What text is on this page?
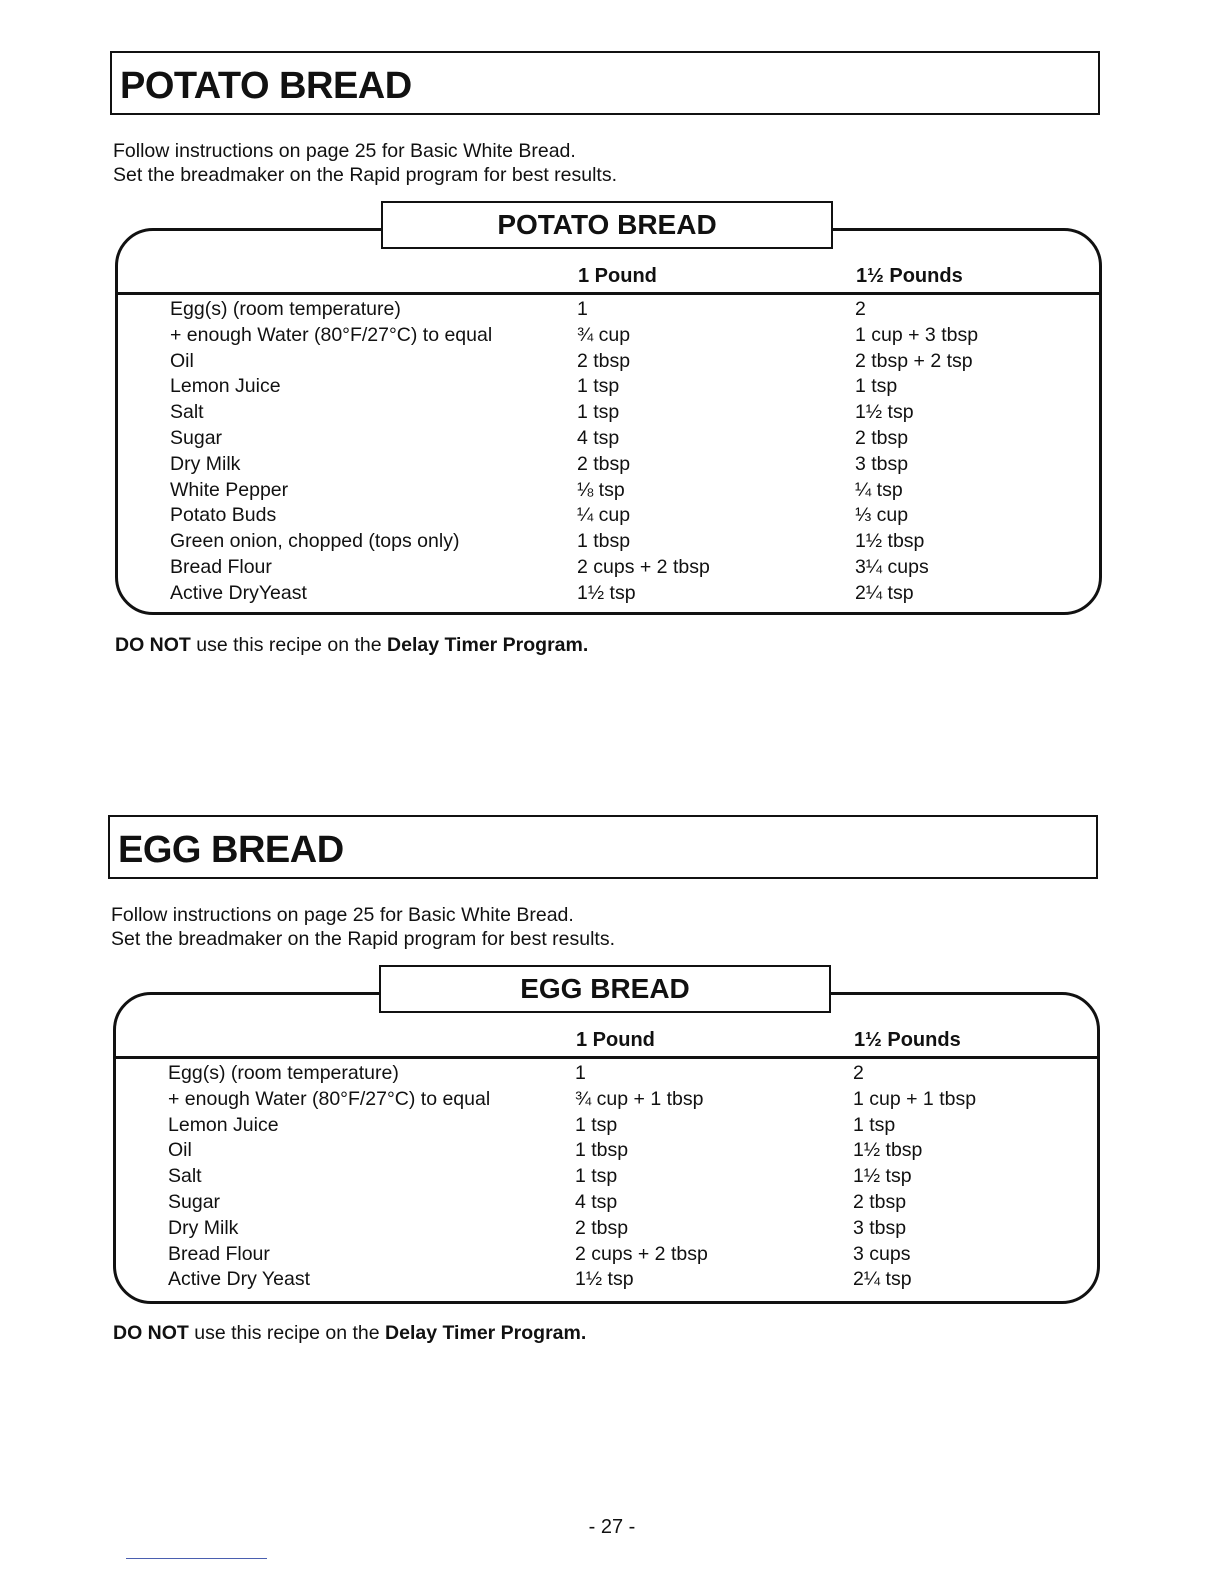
POTATO BREAD
Follow instructions on page 25 for Basic White Bread.
Set the breadmaker on the Rapid program for best results.
POTATO BREAD
1 Pound	1½ Pounds
Egg(s) (room temperature)	1	2
+ enough Water (80°F/27°C) to equal	¾ cup	1 cup + 3 tbsp
Oil	2 tbsp	2 tbsp + 2 tsp
Lemon Juice	1 tsp	1 tsp
Salt	1 tsp	1½ tsp
Sugar	4 tsp	2 tbsp
Dry Milk	2 tbsp	3 tbsp
White Pepper	⅛ tsp	¼ tsp
Potato Buds	¼ cup	⅓ cup
Green onion, chopped (tops only)	1 tbsp	1½ tbsp
Bread Flour	2 cups + 2 tbsp	3¼ cups
Active DryYeast	1½ tsp	2¼ tsp
DO NOT use this recipe on the Delay Timer Program.
EGG BREAD
Follow instructions on page 25 for Basic White Bread.
Set the breadmaker on the Rapid program for best results.
EGG BREAD
1 Pound	1½ Pounds
Egg(s) (room temperature)	1	2
+ enough Water (80°F/27°C) to equal	¾ cup + 1 tbsp	1 cup + 1 tbsp
Lemon Juice	1 tsp	1 tsp
Oil	1 tbsp	1½ tbsp
Salt	1 tsp	1½ tsp
Sugar	4 tsp	2 tbsp
Dry Milk	2 tbsp	3 tbsp
Bread Flour	2 cups + 2 tbsp	3 cups
Active Dry Yeast	1½ tsp	2¼ tsp
DO NOT use this recipe on the Delay Timer Program.
- 27 -
